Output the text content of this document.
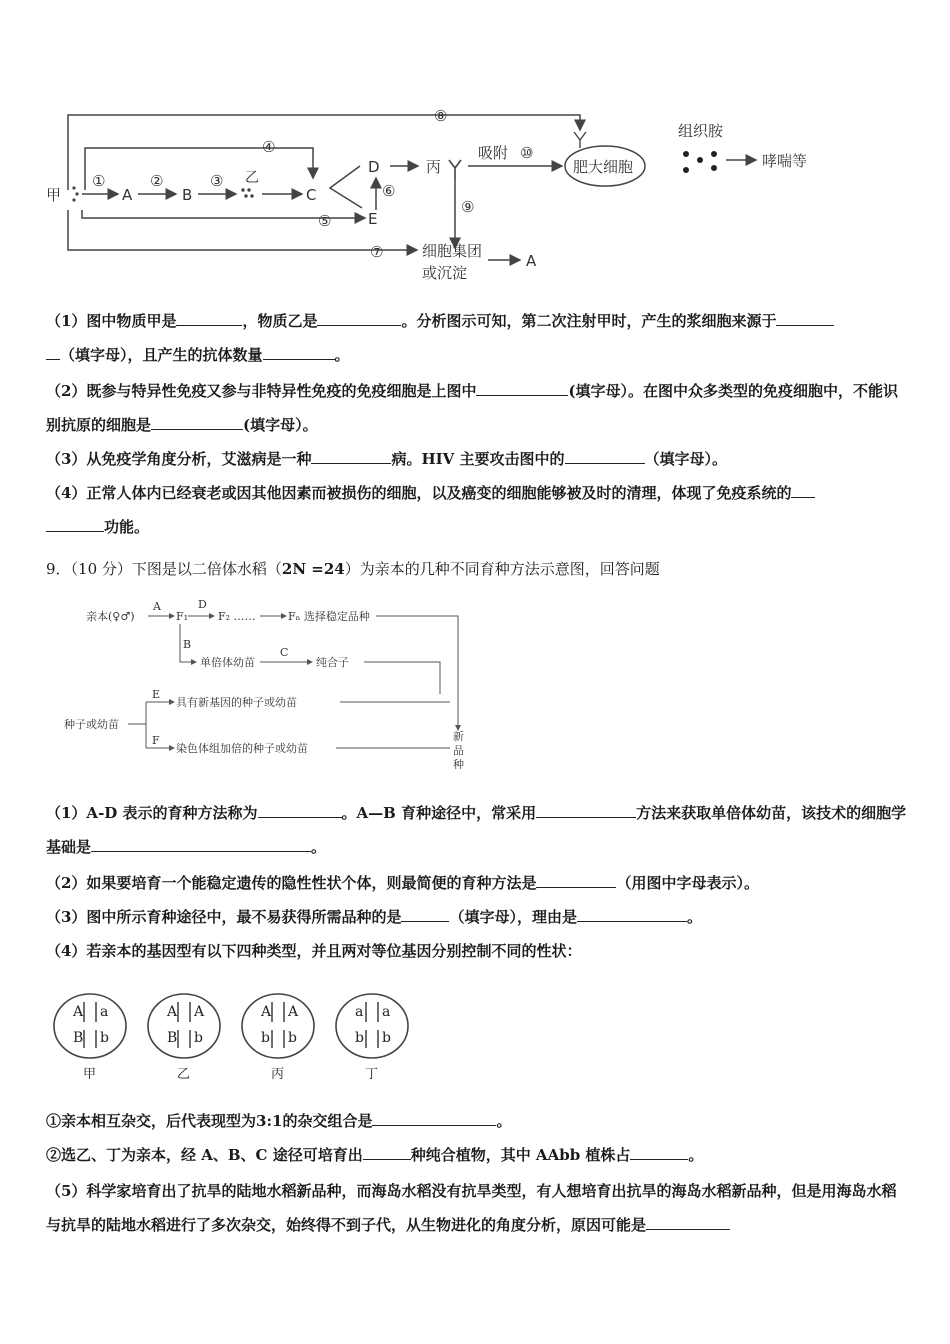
甲	A	B
乙
C
D
E
丙
吸附
肥大细胞
组织胺
哮喘等
细胞集团
或沉淀
A
①	②	③
④
⑤
⑥
⑦
⑧
⑨
⑩
（1）图中物质甲是	，物质乙是	。分析图示可知，第二次注射甲时，产生的浆细胞来源于
（填字母），且产生的抗体数量	。
（2）既参与特异性免疫又参与非特异性免疫的免疫细胞是上图中	(填字母）。在图中众多类型的免疫细胞中，不能识别抗原的细胞是	(填字母）。
（3）从免疫学角度分析，艾滋病是一种	病。HIV 主要攻击图中的	（填字母）。
（4）正常人体内已经衰老或因其他因素而被损伤的细胞，以及癌变的细胞能够被及时的清理，体现了免疫系统的
功能。
9．（10 分）下图是以二倍体水稻（2N =24）为亲本的几种不同育种方法示意图，回答问题
亲本(♀♂)
A
F₁
D
F₂ ……	Fₙ 选择稳定品种
B
单倍体幼苗
C
纯合子
种子或幼苗
E
具有新基因的种子或幼苗
F
染色体组加倍的种子或幼苗
新
品
种
（1）A-D 表示的育种方法称为	。A—B 育种途径中，常采用	方法来获取单倍体幼苗，该技术的细胞学基础是	。
（2）如果要培育一个能稳定遗传的隐性性状个体，则最简便的育种方法是	（用图中字母表示）。
（3）图中所示育种途径中，最不易获得所需品种的是	（填字母），理由是	。
（4）若亲本的基因型有以下四种类型，并且两对等位基因分别控制不同的性状：
A a
B b
甲
A A
B b
乙
A A
b b
丙
a a
b b
丁
①亲本相互杂交，后代表现型为3:1的杂交组合是	。
②选乙、丁为亲本，经 A、B、C 途径可培育出	种纯合植物，其中 AAbb 植株占	。
（5）科学家培育出了抗旱的陆地水稻新品种，而海岛水稻没有抗旱类型，有人想培育出抗旱的海岛水稻新品种，但是用海岛水稻与抗旱的陆地水稻进行了多次杂交，始终得不到子代，从生物进化的角度分析，原因可能是
